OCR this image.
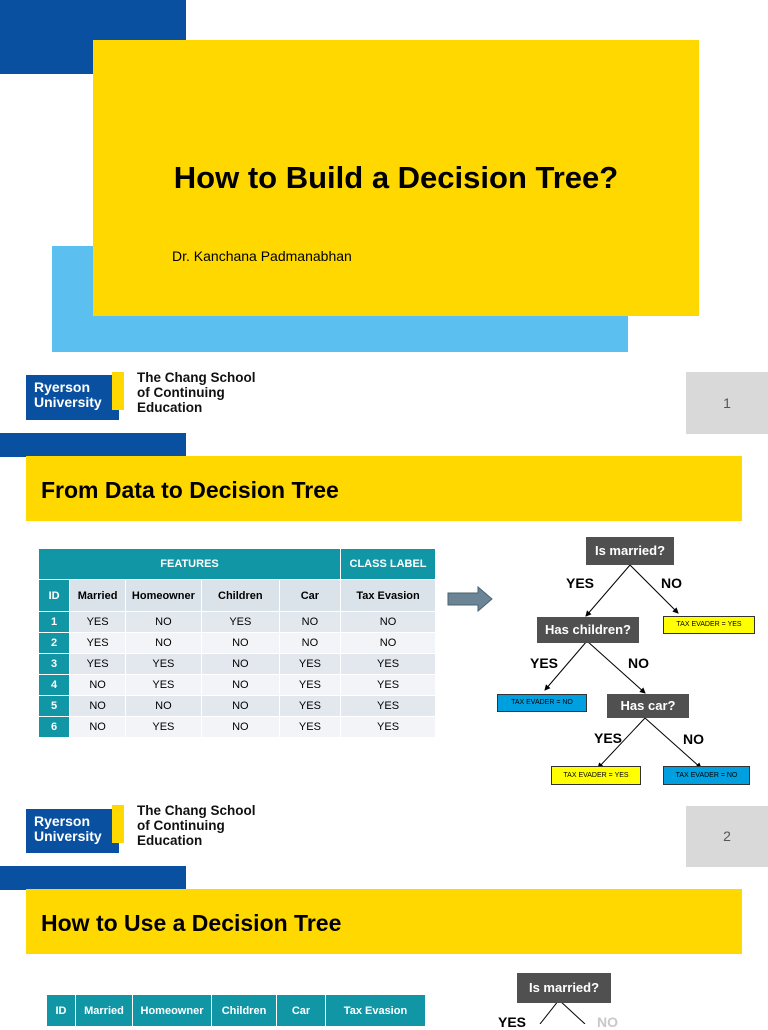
How to Build a Decision Tree?
Dr. Kanchana Padmanabhan
Ryerson
University
The Chang School
of Continuing
Education	1
From Data to Decision Tree
FEATURES					CLASS LABEL
ID	Married	Homeowner	Children	Car	Tax Evasion
1	YES	NO	YES	NO	NO
2	YES	NO	NO	NO	NO
3	YES	YES	NO	YES	YES
4	NO	YES	NO	YES	YES
5	NO	NO	NO	YES	YES
6	NO	YES	NO	YES	YES
Is married?
YES	NO
TAX EVADER = YES
Has children?
YES	NO
TAX EVADER = NO	Has car?
YES	NO
TAX EVADER = YES	TAX EVADER = NO
Ryerson
University
The Chang School
of Continuing
Education	2
How to Use a Decision Tree
ID	Married	Homeowner	Children	Car	Tax Evasion
Is married?
YES	NO
